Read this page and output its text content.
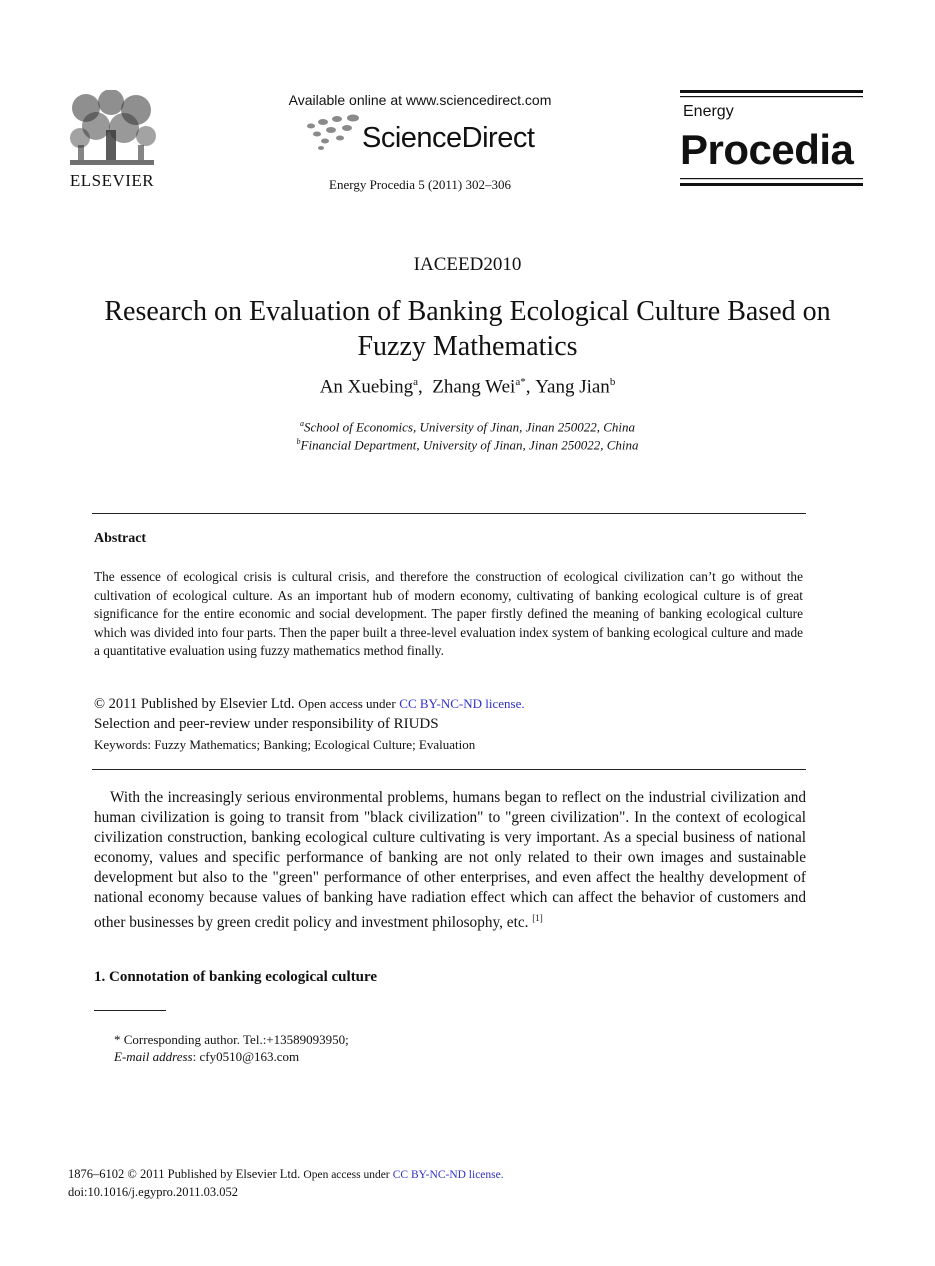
ELSEVIER
Available online at www.sciencedirect.com
ScienceDirect
Energy Procedia 5 (2011) 302–306
Energy
Procedia
IACEED2010
Research on Evaluation of Banking Ecological Culture Based on Fuzzy Mathematics
An Xuebing$^a$,  Zhang Wei$^{a*}$, Yang Jian$^b$
$^a$School of Economics, University of Jinan, Jinan 250022, China
$^b$Financial Department, University of Jinan, Jinan 250022, China
Abstract
The essence of ecological crisis is cultural crisis, and therefore the construction of ecological civilization can’t go without the cultivation of ecological culture. As an important hub of modern economy, cultivating of banking ecological culture is of great significance for the entire economic and social development. The paper firstly defined the meaning of banking ecological culture which was divided into four parts. Then the paper built a three-level evaluation index system of banking ecological culture and made a quantitative evaluation using fuzzy mathematics method finally.
© 2011 Published by Elsevier Ltd. Open access under CC BY-NC-ND license.
Selection and peer-review under responsibility of RIUDS
Keywords: Fuzzy Mathematics; Banking; Ecological Culture; Evaluation
With the increasingly serious environmental problems, humans began to reflect on the industrial civilization and human civilization is going to transit from "black civilization" to "green civilization". In the context of ecological civilization construction, banking ecological culture cultivating is very important. As a special business of national economy, values and specific performance of banking are not only related to their own images and sustainable development but also to the "green" performance of other enterprises, and even affect the healthy development of national economy because values of banking have radiation effect which can affect the behavior of customers and other businesses by green credit policy and investment philosophy, etc. [1]
1. Connotation of banking ecological culture
* Corresponding author. Tel.:+13589093950;
E-mail address: cfy0510@163.com
1876–6102 © 2011 Published by Elsevier Ltd. Open access under CC BY-NC-ND license.
doi:10.1016/j.egypro.2011.03.052
